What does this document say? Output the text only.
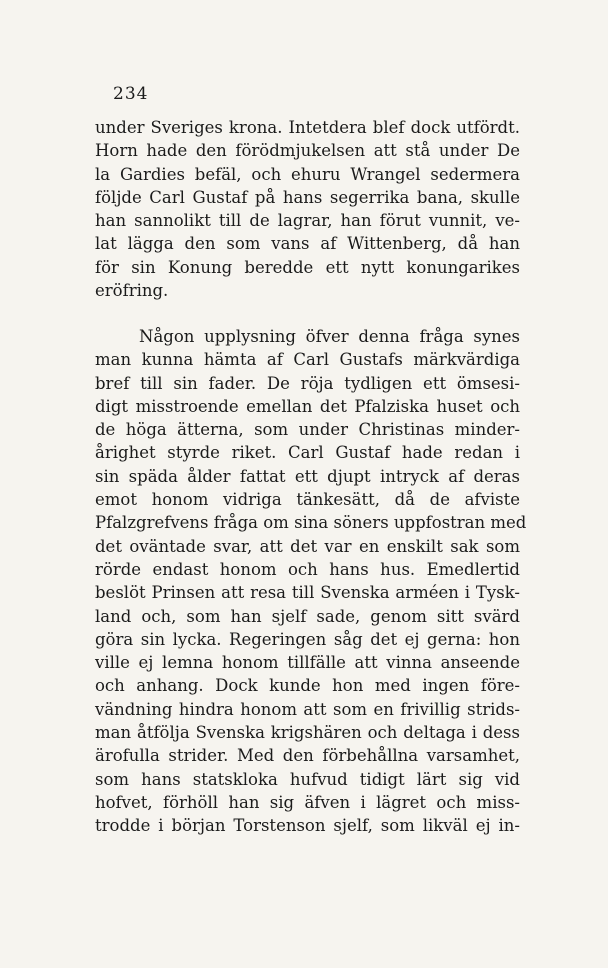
234
under Sveriges krona. Intetdera blef dock utfördt.
Horn hade den förödmjukelsen att stå under De
la Gardies befäl, och ehuru Wrangel sedermera
följde Carl Gustaf på hans segerrika bana, skulle
han sannolikt till de lagrar, han förut vunnit, ve-
lat lägga den som vans af Wittenberg, då han
för sin Konung beredde ett nytt konungarikes
eröfring.
Någon upplysning öfver denna fråga synes
man kunna hämta af Carl Gustafs märkvärdiga
bref till sin fader. De röja tydligen ett ömsesi-
digt misstroende emellan det Pfalziska huset och
de höga ätterna, som under Christinas minder-
årighet styrde riket. Carl Gustaf hade redan i
sin späda ålder fattat ett djupt intryck af deras
emot honom vidriga tänkesätt, då de afviste
Pfalzgrefvens fråga om sina söners uppfostran med
det oväntade svar, att det var en enskilt sak som
rörde endast honom och hans hus. Emedlertid
beslöt Prinsen att resa till Svenska arméen i Tysk-
land och, som han sjelf sade, genom sitt svärd
göra sin lycka. Regeringen såg det ej gerna: hon
ville ej lemna honom tillfälle att vinna anseende
och anhang. Dock kunde hon med ingen före-
vändning hindra honom att som en frivillig strids-
man åtfölja Svenska krigshären och deltaga i dess
ärofulla strider. Med den förbehållna varsamhet,
som hans statskloka hufvud tidigt lärt sig vid
hofvet, förhöll han sig äfven i lägret och miss-
trodde i början Torstenson sjelf, som likväl ej in-
